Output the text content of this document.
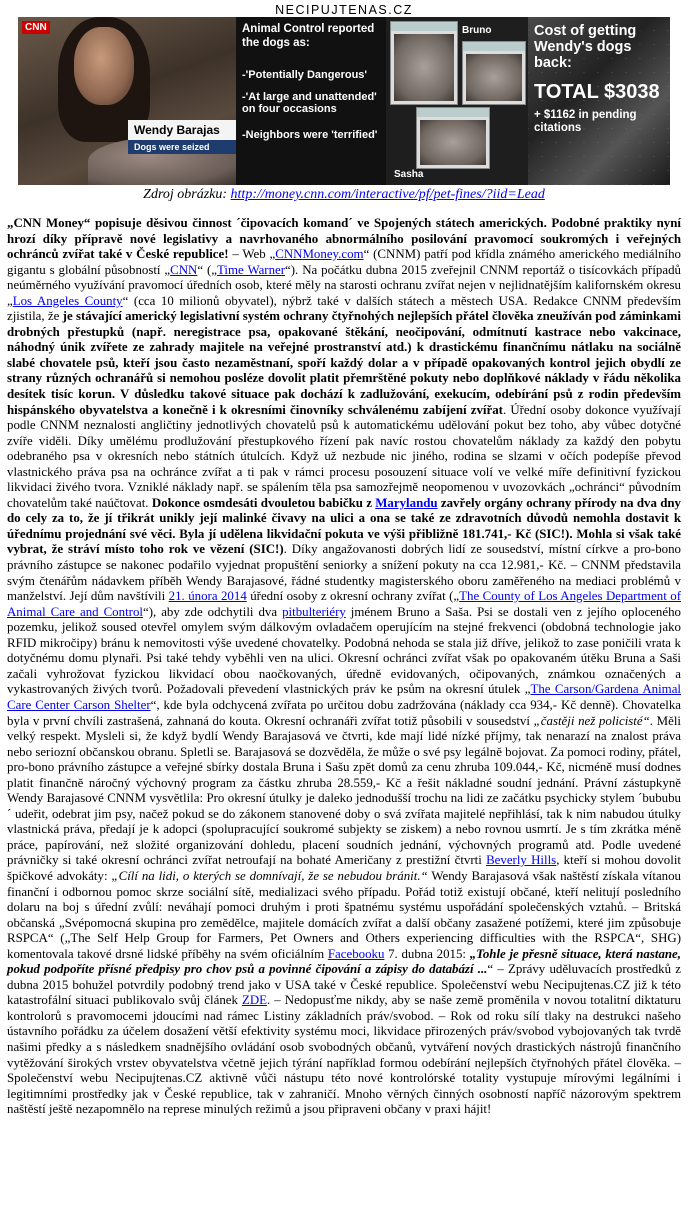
NECIPUJTENAS.CZ
CNN
Wendy Barajas
Dogs were seized
Animal Control reported the dogs as:
-'Potentially Dangerous'
-'At large and unattended' on four occasions
-Neighbors were 'terrified'
Bruno
Sasha
Cost of getting Wendy's dogs back:
TOTAL $3038
+ $1162 in pending citations
Zdroj obrázku: http://money.cnn.com/interactive/pf/pet-fines/?iid=Lead
„CNN Money“ popisuje děsivou činnost ´čipovacích komand´ ve Spojených státech amerických. Podobné praktiky nyní hrozí díky přípravě nové legislativy a navrhovaného abnormálního posilování pravomocí soukromých i veřejných ochránců zvířat také v České republice! – Web „CNNMoney.com“ (CNNM) patří pod křídla známého amerického mediálního gigantu s globální působností „CNN“ („Time Warner“). Na počátku dubna 2015 zveřejnil CNNM reportáž o tisícovkách případů neúměrného využívání pravomocí úředních osob, které měly na starosti ochranu zvířat nejen v nejlidnatějším kalifornském okresu „Los Angeles County“ (cca 10 milionů obyvatel), nýbrž také v dalších státech a městech USA. Redakce CNNM především zjistila, že je stávající americký legislativní systém ochrany čtyřnohých nejlepších přátel člověka zneužíván pod záminkami drobných přestupků (např. neregistrace psa, opakované štěkání, neočipování, odmítnutí kastrace nebo vakcinace, náhodný únik zvířete ze zahrady majitele na veřejné prostranství atd.) k drastickému finančnímu nátlaku na sociálně slabé chovatele psů, kteří jsou často nezaměstnaní, spoří každý dolar a v případě opakovaných kontrol jejich obydlí ze strany různých ochranářů si nemohou posléze dovolit platit přemrštěné pokuty nebo doplňkové náklady v řádu několika desítek tisíc korun. V důsledku takové situace pak dochází k zadlužování, exekucím, odebírání psů z rodin především hispánského obyvatelstva a konečně i k okresními činovníky schválenému zabíjení zvířat. Úřední osoby dokonce využívají podle CNNM neznalosti angličtiny jednotlivých chovatelů psů k automatickému udělování pokut bez toho, aby vůbec dotyčné zvíře viděli. Díky umělému prodlužování přestupkového řízení pak navíc rostou chovatelům náklady za každý den pobytu odebraného psa v okresních nebo státních útulcích. Když už nezbude nic jiného, rodina se slzami v očích podepíše převod vlastnického práva psa na ochránce zvířat a ti pak v rámci procesu posouzení situace volí ve velké míře definitivní fyzickou likvidaci živého tvora. Vzniklé náklady např. se spálením těla psa samozřejmě neopomenou v uvozovkách „ochránci“ původním chovatelům také naúčtovat. Dokonce osmdesáti dvouletou babičku z Marylandu zavřely orgány ochrany přírody na dva dny do cely za to, že jí třikrát unikly její malinké čivavy na ulici a ona se také ze zdravotních důvodů nemohla dostavit k úřednímu projednání své věci. Byla jí udělena likvidační pokuta ve výši přibližně 181.741,- Kč (SIC!). Mohla si však také vybrat, že stráví místo toho rok ve vězení (SIC!). Díky angažovanosti dobrých lidí ze sousedství, místní církve a pro-bono právního zástupce se nakonec podařilo vyjednat propuštění seniorky a snížení pokuty na cca 12.981,- Kč. – CNNM představila svým čtenářům nádavkem příběh Wendy Barajasové, řádné studentky magisterského oboru zaměřeného na mediaci problémů v manželství. Její dům navštívili 21. února 2014 úřední osoby z okresní ochrany zvířat („The County of Los Angeles Department of Animal Care and Control“), aby zde odchytili dva pitbulteriéry jménem Bruno a Saša. Psi se dostali ven z jejího oploceného pozemku, jelikož soused otevřel omylem svým dálkovým ovladačem operujícím na stejné frekvenci (obdobná technologie jako RFID mikročipy) bránu k nemovitosti výše uvedené chovatelky. Podobná nehoda se stala již dříve, jelikož to zase poničili vrata k dotyčnému domu plynaři. Psi také tehdy vyběhli ven na ulici. Okresní ochránci zvířat však po opakovaném útěku Bruna a Saši začali vyhrožovat fyzickou likvidací obou naočkovaných, úředně evidovaných, očipovaných, známkou označených a vykastrovaných živých tvorů. Požadovali převedení vlastnických práv ke psům na okresní útulek „The Carson/Gardena Animal Care Center Carson Shelter“, kde byla odchycená zvířata po určitou dobu zadržována (náklady cca 934,- Kč denně). Chovatelka byla v první chvíli zastrašená, zahnaná do kouta. Okresní ochranáři zvířat totiž působili v sousedství „častěji než policisté“. Měli velký respekt. Mysleli si, že když bydlí Wendy Barajasová ve čtvrti, kde mají lidé nízké příjmy, tak nenarazí na znalost práva nebo seriozní občanskou obranu. Spletli se. Barajasová se dozvěděla, že může o své psy legálně bojovat. Za pomoci rodiny, přátel, pro-bono právního zástupce a veřejné sbírky dostala Bruna i Sašu zpět domů za cenu zhruba 109.044,- Kč, nicméně musí dodnes platit finančně náročný výchovný program za částku zhruba 28.559,- Kč a řešit nákladné soudní jednání. Právní zástupkyně Wendy Barajasové CNNM vysvětlila: Pro okresní útulky je daleko jednodušší trochu na lidi ze začátku psychicky stylem ´bububu´ udeřit, odebrat jim psy, načež pokud se do zákonem stanovené doby o svá zvířata majitelé nepřihlásí, tak k nim nabudou útulky vlastnická práva, předají je k adopci (spolupracující soukromé subjekty se ziskem) a nebo rovnou usmrtí. Je s tím zkrátka méně práce, papírování, než složité organizování dohledu, placení soudních jednání, výchovných programů atd. Podle uvedené právničky si také okresní ochránci zvířat netroufají na bohaté Američany z prestižní čtvrti Beverly Hills, kteří si mohou dovolit špičkové advokáty: „Cílí na lidi, o kterých se domnívají, že se nebudou bránit.“ Wendy Barajasová však naštěstí získala vítanou finanční i odbornou pomoc skrze sociální sítě, medializaci svého případu. Pořád totiž existují občané, kteří nelitují posledního dolaru na boj s úřední zvůlí: neváhají pomoci druhým i proti špatnému systému uspořádání společenských vztahů. – Britská občanská „Svépomocná skupina pro zemědělce, majitele domácích zvířat a další občany zasažené potížemi, které jim způsobuje RSPCA“ („The Self Help Group for Farmers, Pet Owners and Others experiencing difficulties with the RSPCA“, SHG) komentovala takové drsné lidské příběhy na svém oficiálním Facebooku 7. dubna 2015: „Tohle je přesně situace, která nastane, pokud podpoříte přísné předpisy pro chov psů a povinné čipování a zápisy do databází ...“ – Zprávy uděluvacích prostředků z dubna 2015 bohužel potvrdily podobný trend jako v USA také v České republice. Společenství webu Necipujtenas.CZ již k této katastrofální situaci publikovalo svůj článek ZDE. – Nedopusťme nikdy, aby se naše země proměnila v novou totalitní diktaturu kontrolorů s pravomocemi jdoucími nad rámec Listiny základních práv/svobod. – Rok od roku sílí tlaky na destrukci našeho ústavního pořádku za účelem dosažení větší efektivity systému moci, likvidace přirozených práv/svobod vybojovaných tak tvrdě našimi předky a s následkem snadnějšího ovládání osob svobodných občanů, vytváření nových drastických nástrojů finančního vytěžování širokých vrstev obyvatelstva včetně jejich týrání například formou odebírání nejlepších čtyřnohých přátel člověka. – Společenství webu Necipujtenas.CZ aktivně vůči nástupu této nové kontrolórské totality vystupuje mírovými legálními i legitimními prostředky jak v České republice, tak v zahraničí. Mnoho věrných činných osobností napříč názorovým spektrem naštěstí ještě nezapomnělo na represe minulých režimů a jsou připraveni občany v praxi hájit!
